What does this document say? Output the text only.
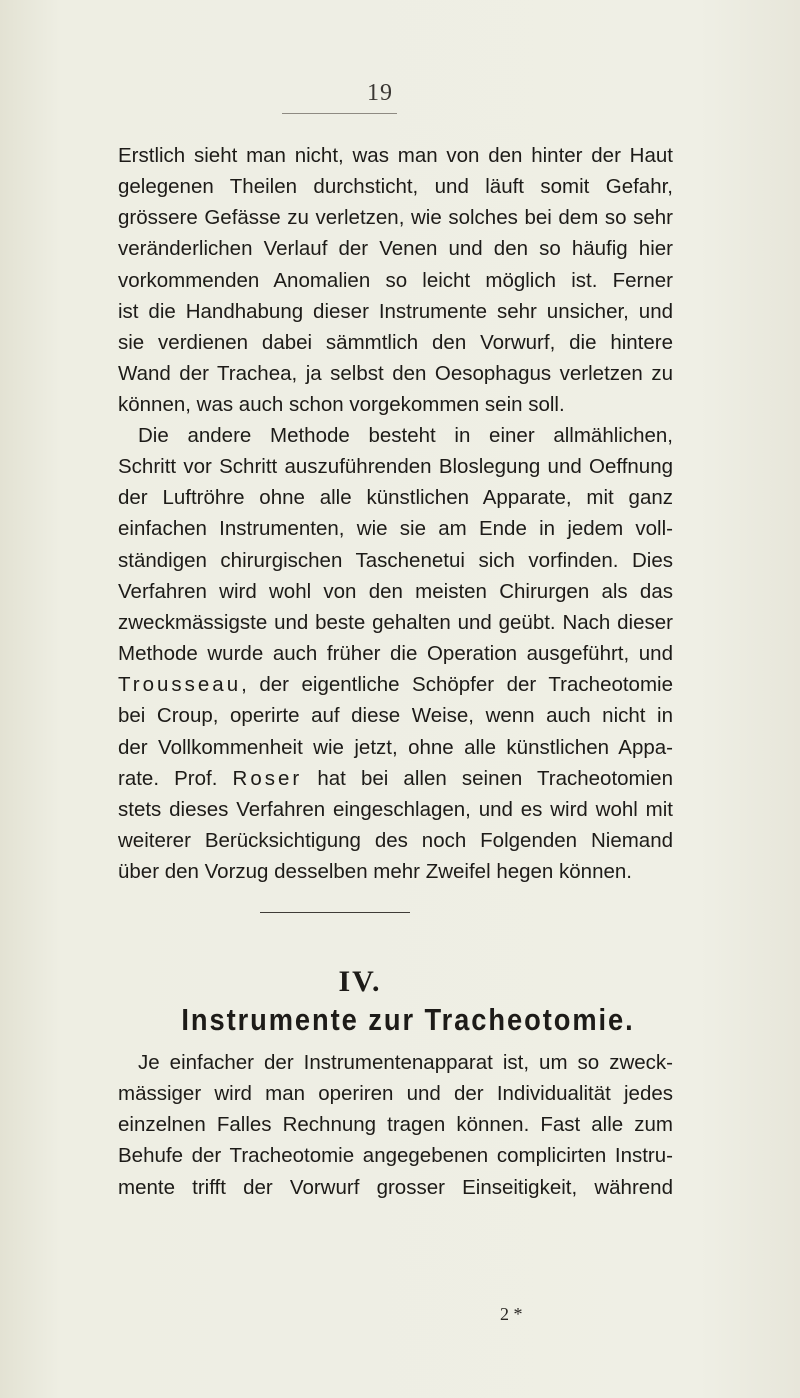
19
Erstlich sieht man nicht, was man von den hinter der Haut
gelegenen Theilen durchsticht, und läuft somit Gefahr,
grössere Gefässe zu verletzen, wie solches bei dem so sehr
veränderlichen Verlauf der Venen und den so häufig hier
vorkommenden Anomalien so leicht möglich ist. Ferner
ist die Handhabung dieser Instrumente sehr unsicher, und
sie verdienen dabei sämmtlich den Vorwurf, die hintere
Wand der Trachea, ja selbst den Oesophagus verletzen zu
können, was auch schon vorgekommen sein soll.
Die andere Methode besteht in einer allmählichen,
Schritt vor Schritt auszuführenden Bloslegung und Oeffnung
der Luftröhre ohne alle künstlichen Apparate, mit ganz
einfachen Instrumenten, wie sie am Ende in jedem voll-
ständigen chirurgischen Taschenetui sich vorfinden. Dies
Verfahren wird wohl von den meisten Chirurgen als das
zweckmässigste und beste gehalten und geübt. Nach dieser
Methode wurde auch früher die Operation ausgeführt, und
Trousseau, der eigentliche Schöpfer der Tracheotomie
bei Croup, operirte auf diese Weise, wenn auch nicht in
der Vollkommenheit wie jetzt, ohne alle künstlichen Appa-
rate. Prof. Roser hat bei allen seinen Tracheotomien
stets dieses Verfahren eingeschlagen, und es wird wohl mit
weiterer Berücksichtigung des noch Folgenden Niemand
über den Vorzug desselben mehr Zweifel hegen können.
IV.
Instrumente zur Tracheotomie.
Je einfacher der Instrumentenapparat ist, um so zweck-
mässiger wird man operiren und der Individualität jedes
einzelnen Falles Rechnung tragen können. Fast alle zum
Behufe der Tracheotomie angegebenen complicirten Instru-
mente trifft der Vorwurf grosser Einseitigkeit, während
2 *
